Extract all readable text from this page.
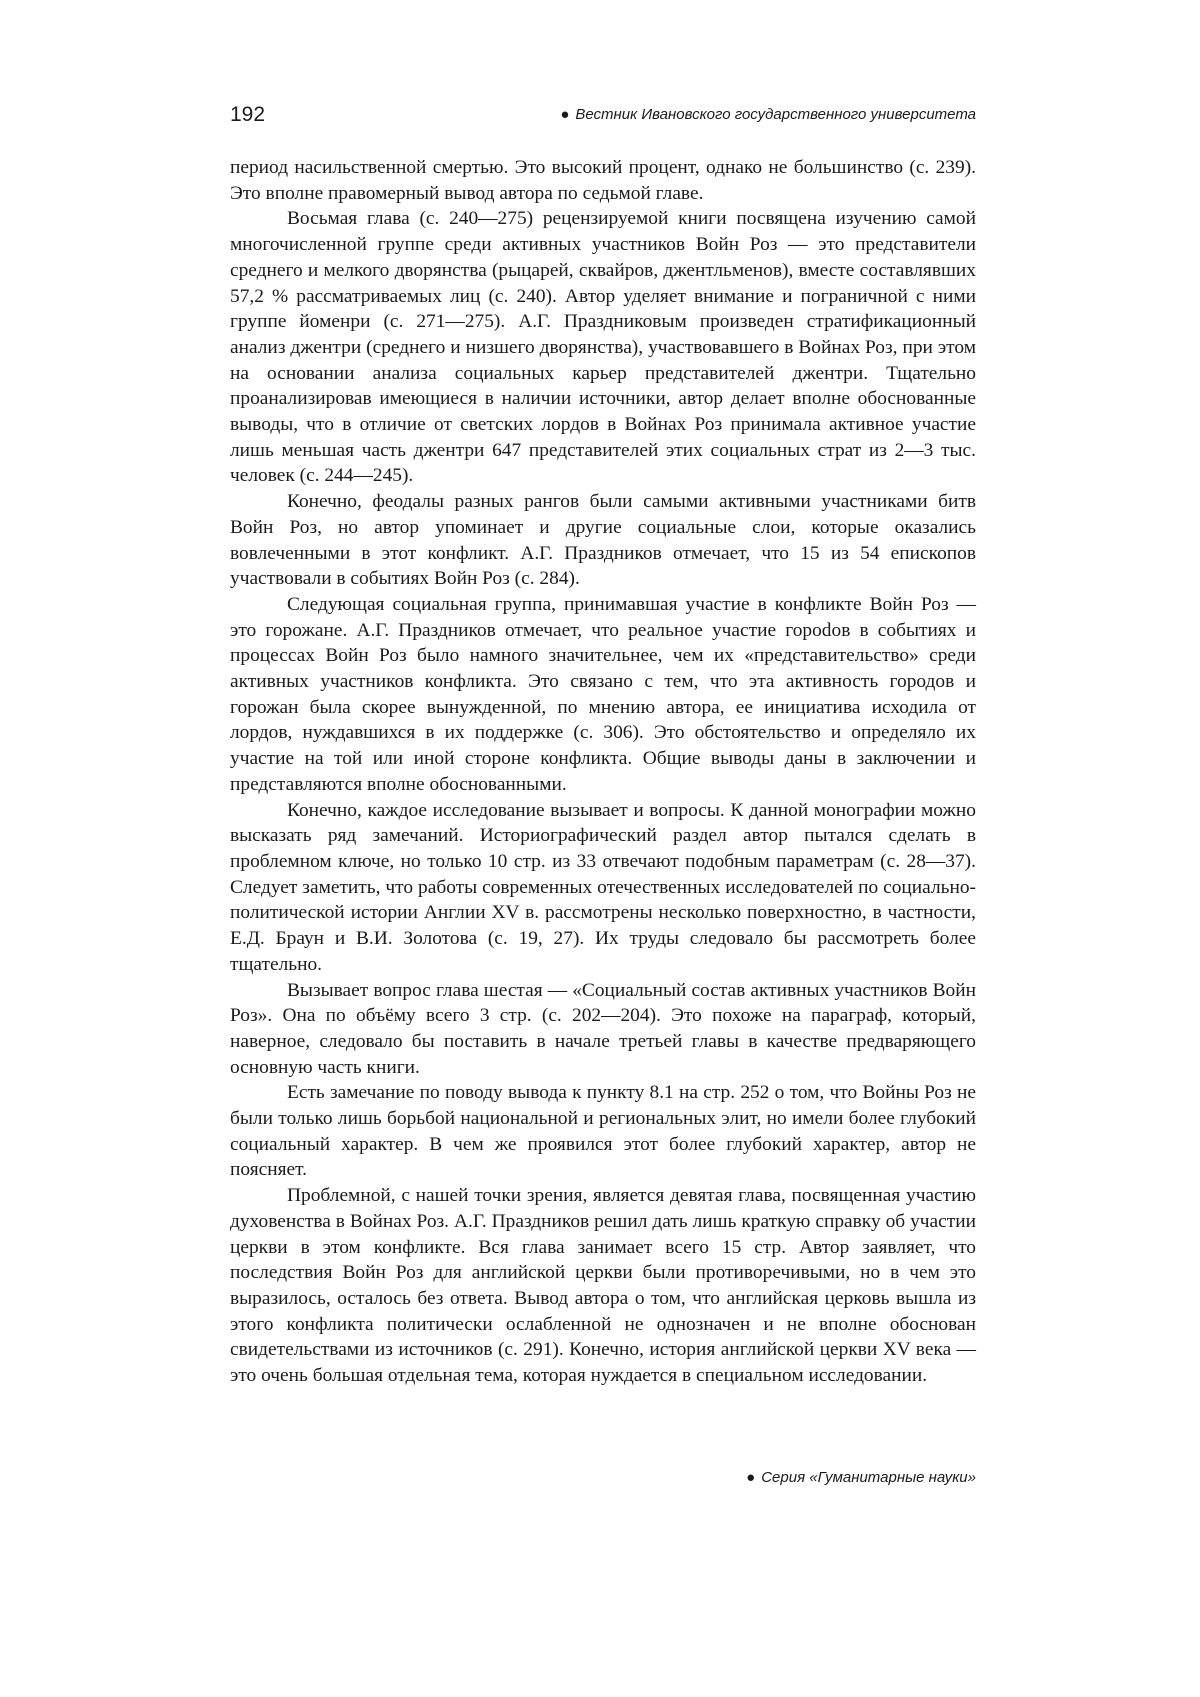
192	● Вестник Ивановского государственного университета

период насильственной смертью. Это высокий процент, однако не большинство (с. 239). Это вполне правомерный вывод автора по седьмой главе.

Восьмая глава (с. 240—275) рецензируемой книги посвящена изучению самой многочисленной группе среди активных участников Войн Роз — это представители среднего и мелкого дворянства (рыцарей, сквайров, джентльменов), вместе составлявших 57,2 % рассматриваемых лиц (с. 240). Автор уделяет внимание и пограничной с ними группе йоменри (с. 271—275). А.Г. Праздниковым произведен стратификационный анализ джентри (среднего и низшего дворянства), участвовавшего в Войнах Роз, при этом на основании анализа социальных карьер представителей джентри. Тщательно проанализировав имеющиеся в наличии источники, автор делает вполне обоснованные выводы, что в отличие от светских лордов в Войнах Роз принимала активное участие лишь меньшая часть джентри 647 представителей этих социальных страт из 2—3 тыс. человек (с. 244—245).

Конечно, феодалы разных рангов были самыми активными участниками битв Войн Роз, но автор упоминает и другие социальные слои, которые оказались вовлеченными в этот конфликт. А.Г. Праздников отмечает, что 15 из 54 епископов участвовали в событиях Войн Роз (с. 284).

Следующая социальная группа, принимавшая участие в конфликте Войн Роз — это горожане. А.Г. Праздников отмечает, что реальное участие гороdов в событиях и процессах Войн Роз было намного значительнее, чем их «представительство» среди активных участников конфликта. Это связано с тем, что эта активность городов и горожан была скорее вынужденной, по мнению автора, ее инициатива исходила от лордов, нуждавшихся в их поддержке (с. 306). Это обстоятельство и определяло их участие на той или иной стороне конфликта. Общие выводы даны в заключении и представляются вполне обоснованными.

Конечно, каждое исследование вызывает и вопросы. К данной монографии можно высказать ряд замечаний. Историографический раздел автор пытался сделать в проблемном ключе, но только 10 стр. из 33 отвечают подобным параметрам (с. 28—37). Следует заметить, что работы современных отечественных исследователей по социально-политической истории Англии XV в. рассмотрены несколько поверхностно, в частности, Е.Д. Браун и В.И. Золотова (с. 19, 27). Их труды следовало бы рассмотреть более тщательно.

Вызывает вопрос глава шестая — «Социальный состав активных участников Войн Роз». Она по объёму всего 3 стр. (с. 202—204). Это похоже на параграф, который, наверное, следовало бы поставить в начале третьей главы в качестве предваряющего основную часть книги.

Есть замечание по поводу вывода к пункту 8.1 на стр. 252 о том, что Войны Роз не были только лишь борьбой национальной и региональных элит, но имели более глубокий социальный характер. В чем же проявился этот более глубокий характер, автор не поясняет.

Проблемной, с нашей точки зрения, является девятая глава, посвященная участию духовенства в Войнах Роз. А.Г. Праздников решил дать лишь краткую справку об участии церкви в этом конфликте. Вся глава занимает всего 15 стр. Автор заявляет, что последствия Войн Роз для английской церкви были противоречивыми, но в чем это выразилось, осталось без ответа. Вывод автора о том, что английская церковь вышла из этого конфликта политически ослабленной не однозначен и не вполне обоснован свидетельствами из источников (с. 291). Конечно, история английской церкви XV века — это очень большая отдельная тема, которая нуждается в специальном исследовании.

● Серия «Гуманитарные науки»
